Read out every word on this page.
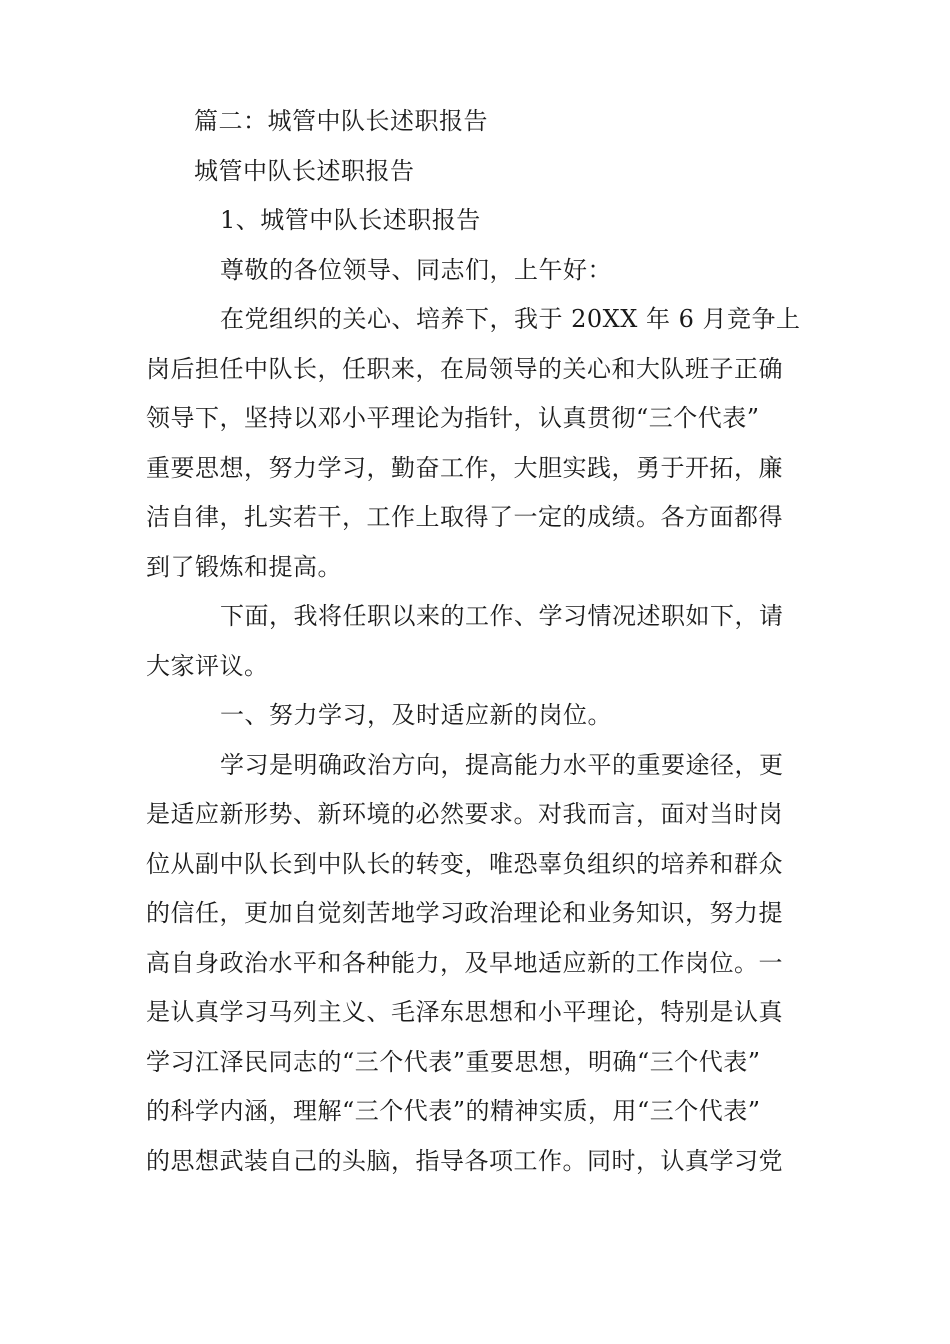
篇二：城管中队长述职报告
城管中队长述职报告
1、城管中队长述职报告
尊敬的各位领导、同志们，上午好：
在党组织的关心、培养下，我于 20XX 年 6 月竞争上
岗后担任中队长，任职来，在局领导的关心和大队班子正确
领导下，坚持以邓小平理论为指针，认真贯彻“三个代表”
重要思想，努力学习，勤奋工作，大胆实践，勇于开拓，廉
洁自律，扎实若干，工作上取得了一定的成绩。各方面都得
到了锻炼和提高。
下面，我将任职以来的工作、学习情况述职如下，请
大家评议。
一、努力学习，及时适应新的岗位。
学习是明确政治方向，提高能力水平的重要途径，更
是适应新形势、新环境的必然要求。对我而言，面对当时岗
位从副中队长到中队长的转变，唯恐辜负组织的培养和群众
的信任，更加自觉刻苦地学习政治理论和业务知识，努力提
高自身政治水平和各种能力，及早地适应新的工作岗位。一
是认真学习马列主义、毛泽东思想和小平理论，特别是认真
学习江泽民同志的“三个代表”重要思想，明确“三个代表”
的科学内涵，理解“三个代表”的精神实质，用“三个代表”
的思想武装自己的头脑，指导各项工作。同时，认真学习党
